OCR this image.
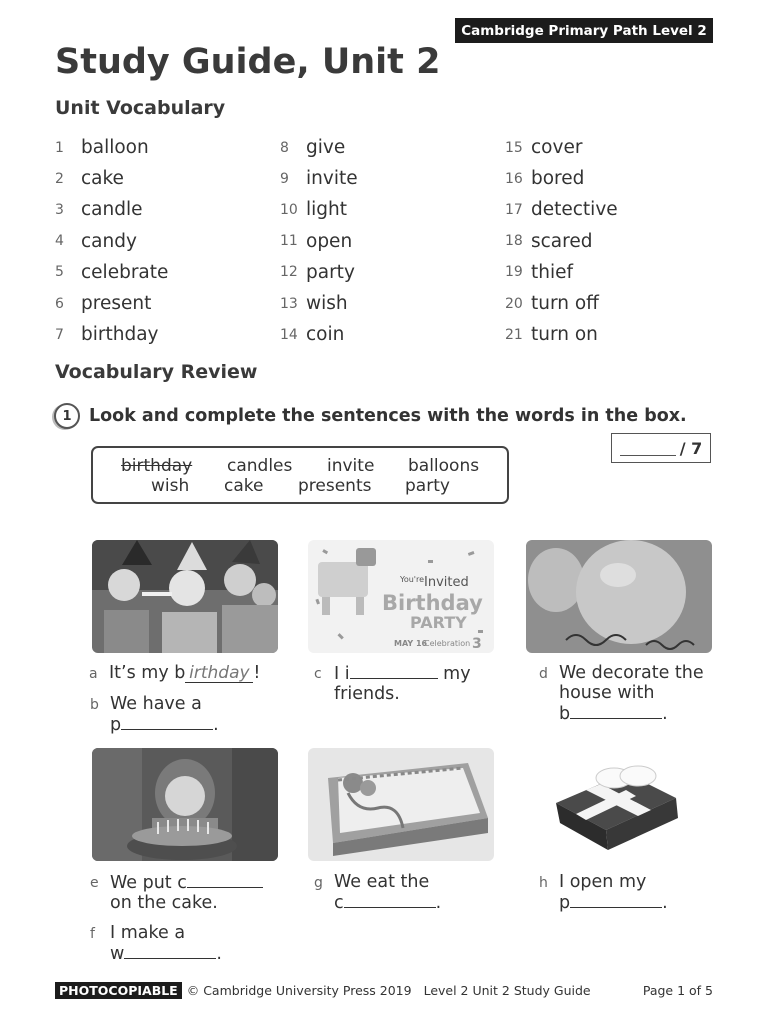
Cambridge Primary Path Level 2
Study Guide, Unit 2
Unit Vocabulary
1 balloon
2 cake
3 candle
4 candy
5 celebrate
6 present
7 birthday
8 give
9 invite
10 light
11 open
12 party
13 wish
14 coin
15 cover
16 bored
17 detective
18 scared
19 thief
20 turn off
21 turn on
Vocabulary Review
1 Look and complete the sentences with the words in the box.
/ 7
birthday candles invite balloons
wish cake presents party
You're Invited
Birthday
PARTY
MAY 16
Celebration 3
a It’s my b irthday !
b We have a
p	.
c I i	my
friends.
d We decorate the
house with
b	.
e We put c
on the cake.
f I make a
w	.
g We eat the
c	.
h I open my
p	.
PHOTOCOPIABLE © Cambridge University Press 2019 Level 2 Unit 2 Study Guide	Page 1 of 5
